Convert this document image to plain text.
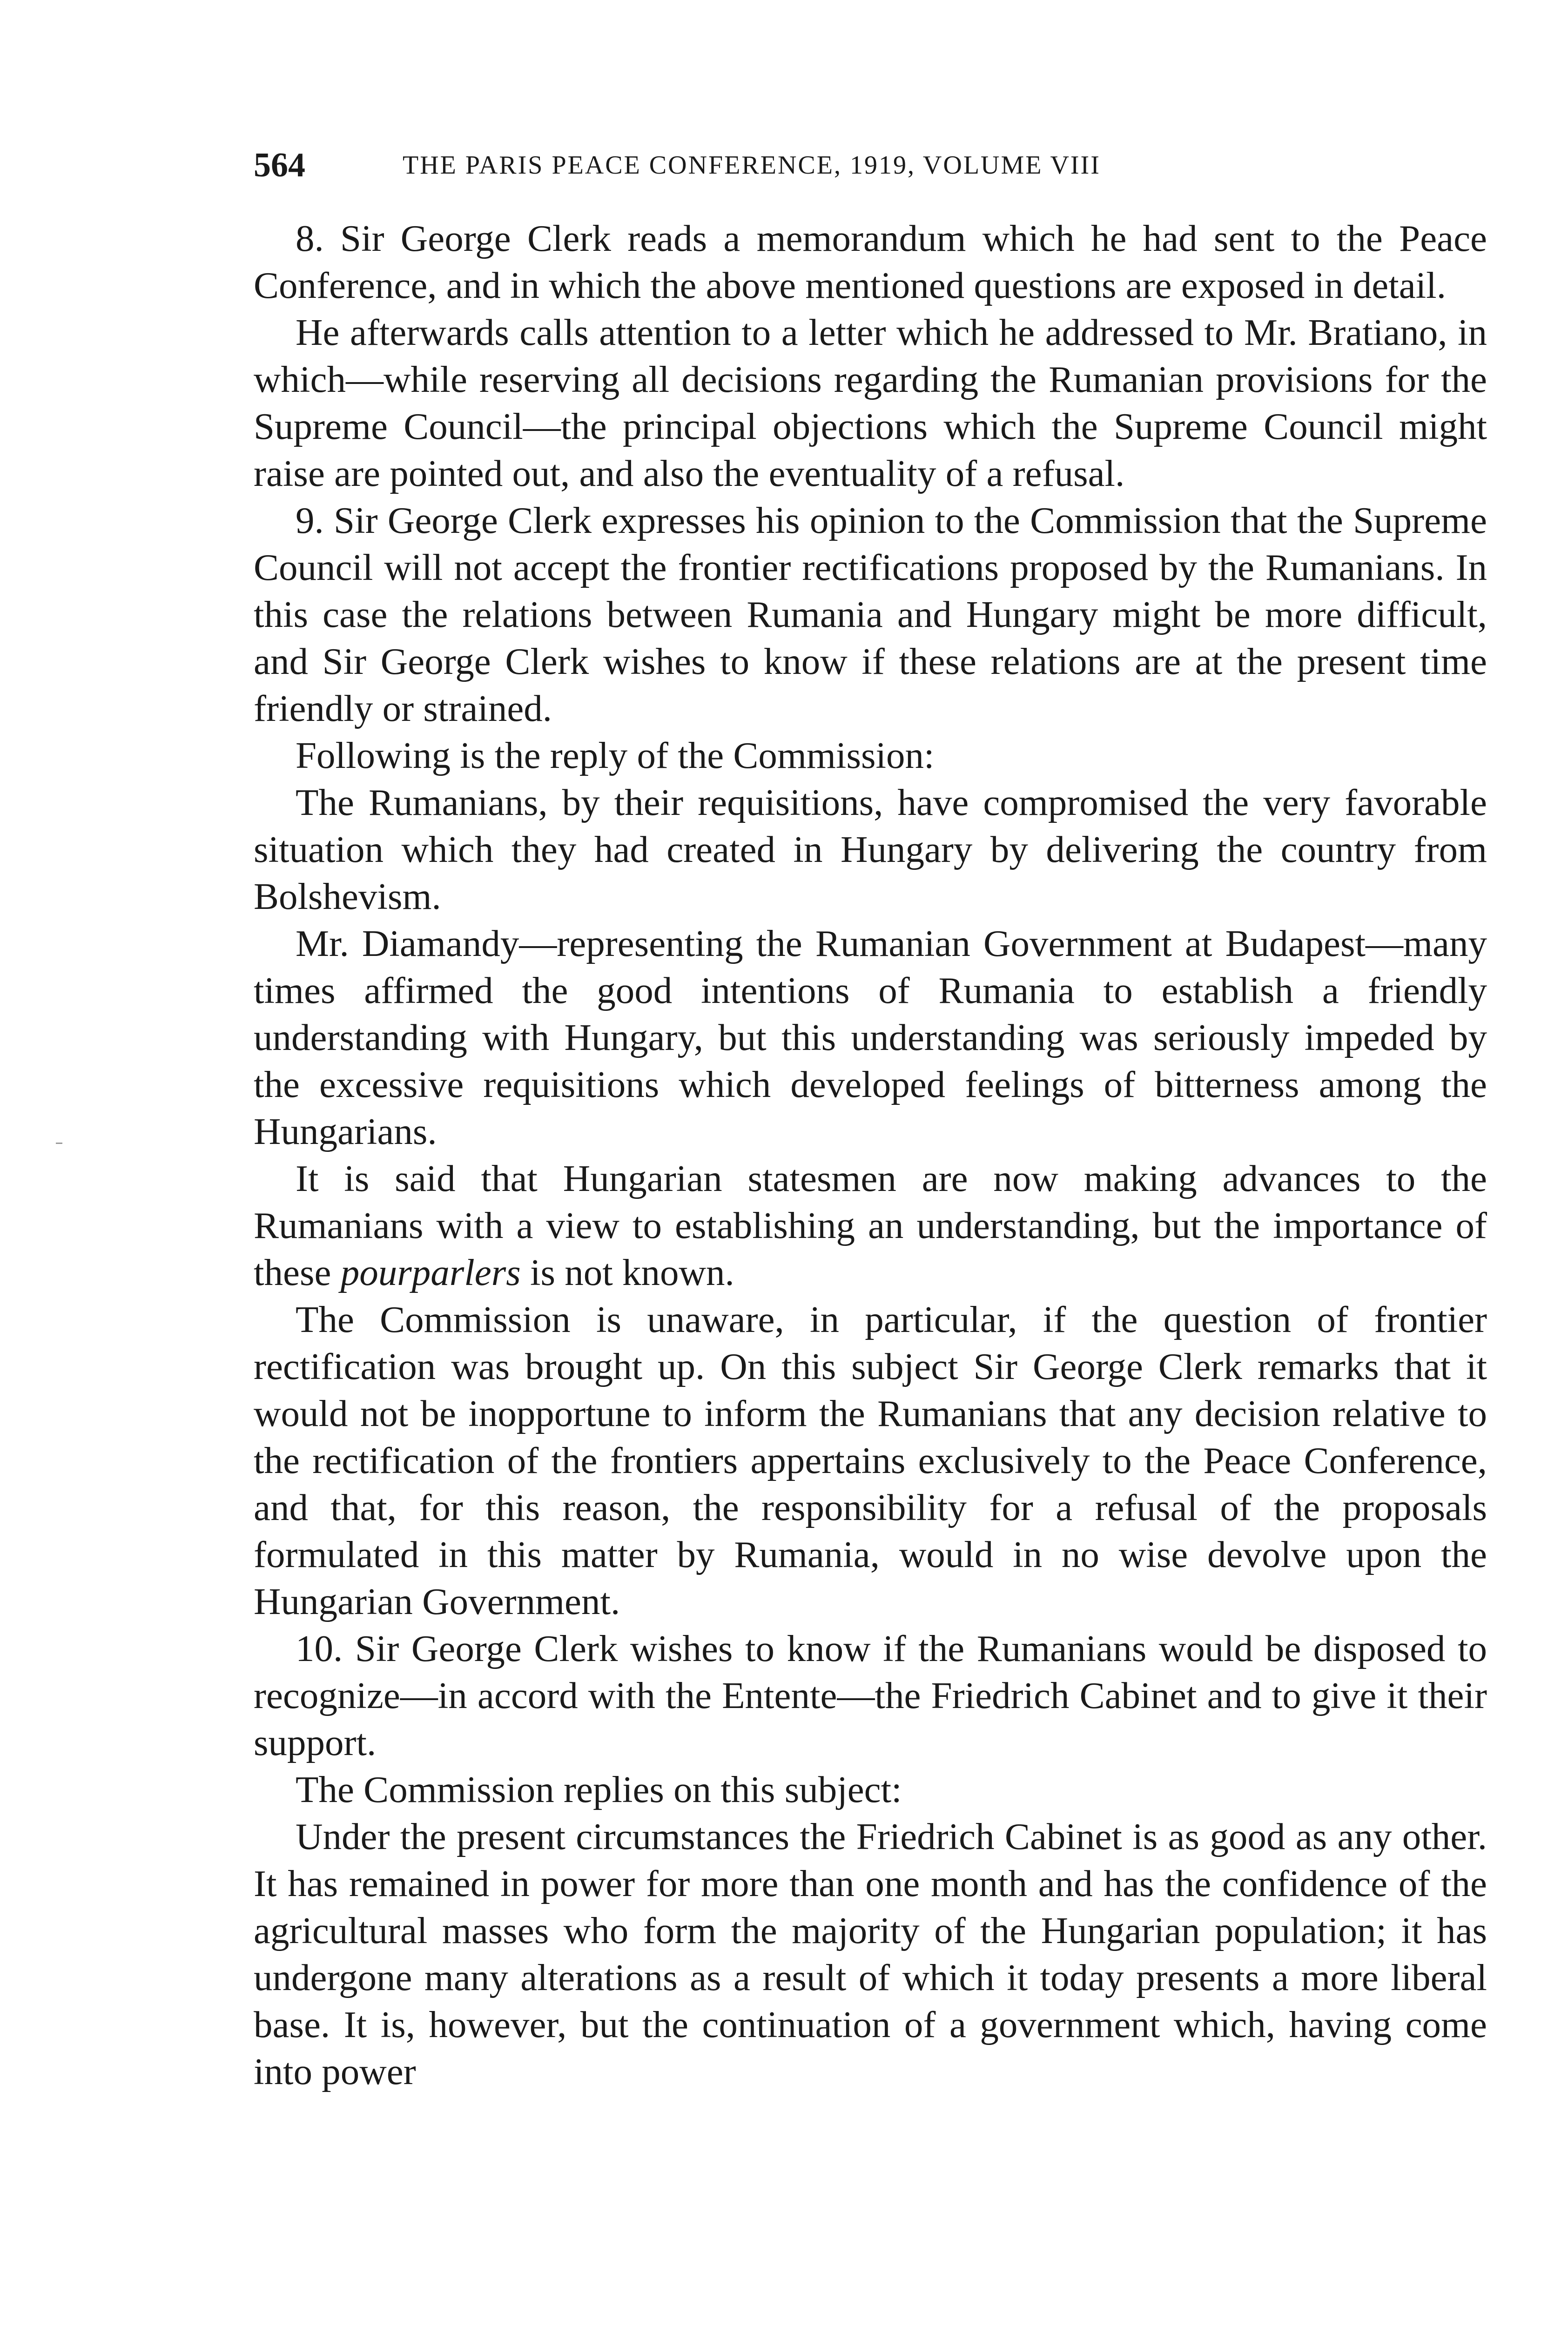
564	THE PARIS PEACE CONFERENCE, 1919, VOLUME VIII

8. Sir George Clerk reads a memorandum which he had sent to the Peace Conference, and in which the above mentioned questions are exposed in detail.

He afterwards calls attention to a letter which he addressed to Mr. Bratiano, in which—while reserving all decisions regarding the Rumanian provisions for the Supreme Council—the principal objections which the Supreme Council might raise are pointed out, and also the eventuality of a refusal.

9. Sir George Clerk expresses his opinion to the Commission that the Supreme Council will not accept the frontier rectifications proposed by the Rumanians. In this case the relations between Rumania and Hungary might be more difficult, and Sir George Clerk wishes to know if these relations are at the present time friendly or strained.

Following is the reply of the Commission:

The Rumanians, by their requisitions, have compromised the very favorable situation which they had created in Hungary by delivering the country from Bolshevism.

Mr. Diamandy—representing the Rumanian Government at Budapest—many times affirmed the good intentions of Rumania to establish a friendly understanding with Hungary, but this understanding was seriously impeded by the excessive requisitions which developed feelings of bitterness among the Hungarians.

It is said that Hungarian statesmen are now making advances to the Rumanians with a view to establishing an understanding, but the importance of these pourparlers is not known.

The Commission is unaware, in particular, if the question of frontier rectification was brought up. On this subject Sir George Clerk remarks that it would not be inopportune to inform the Rumanians that any decision relative to the rectification of the frontiers appertains exclusively to the Peace Conference, and that, for this reason, the responsibility for a refusal of the proposals formulated in this matter by Rumania, would in no wise devolve upon the Hungarian Government.

10. Sir George Clerk wishes to know if the Rumanians would be disposed to recognize—in accord with the Entente—the Friedrich Cabinet and to give it their support.

The Commission replies on this subject:

Under the present circumstances the Friedrich Cabinet is as good as any other. It has remained in power for more than one month and has the confidence of the agricultural masses who form the majority of the Hungarian population; it has undergone many alterations as a result of which it today presents a more liberal base. It is, however, but the continuation of a government which, having come into power
